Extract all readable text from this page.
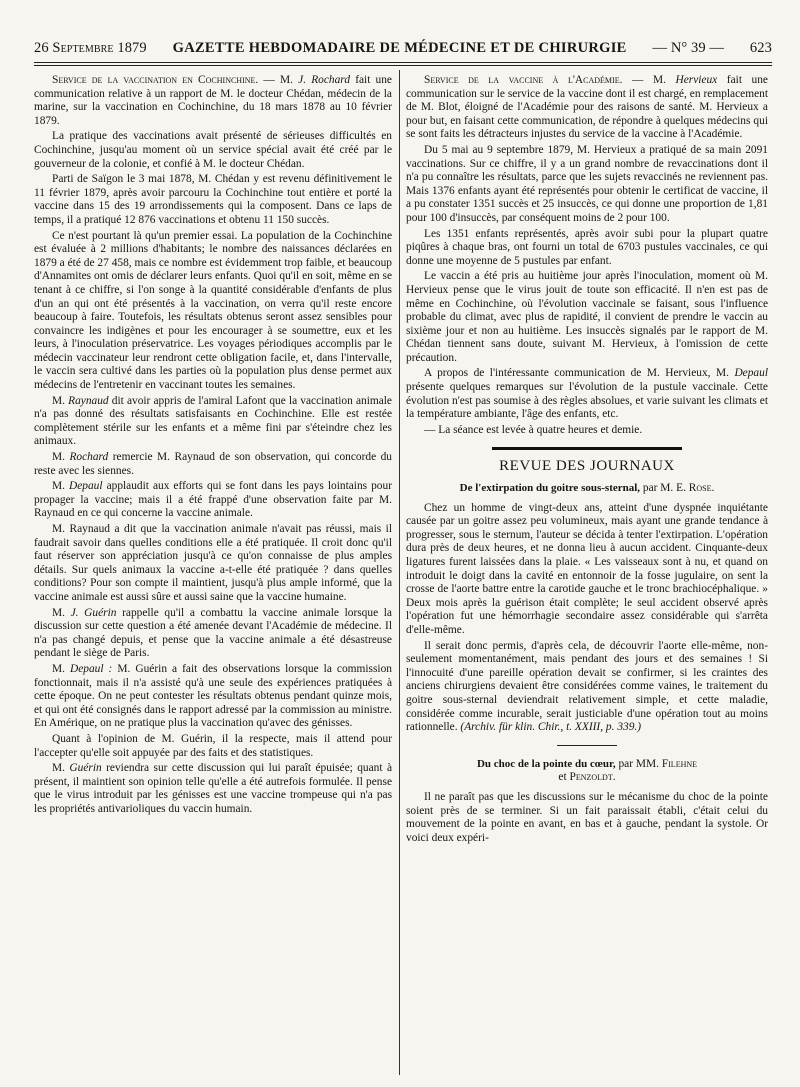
26 Septembre 1879 GAZETTE HEBDOMADAIRE DE MÉDECINE ET DE CHIRURGIE — N° 39 — 623

Service de la vaccination en Cochinchine. — M. J. Rochard fait une communication relative à un rapport de M. le docteur Chédan, médecin de la marine, sur la vaccination en Cochinchine, du 18 mars 1878 au 10 février 1879.

La pratique des vaccinations avait présenté de sérieuses difficultés en Cochinchine, jusqu'au moment où un service spécial avait été créé par le gouverneur de la colonie, et confié à M. le docteur Chédan.

Parti de Saïgon le 3 mai 1878, M. Chédan y est revenu définitivement le 11 février 1879, après avoir parcouru la Cochinchine tout entière et porté la vaccine dans 15 des 19 arrondissements qui la composent. Dans ce laps de temps, il a pratiqué 12 876 vaccinations et obtenu 11 150 succès.

Ce n'est pourtant là qu'un premier essai. La population de la Cochinchine est évaluée à 2 millions d'habitants; le nombre des naissances déclarées en 1879 a été de 27 458, mais ce nombre est évidemment trop faible, et beaucoup d'Annamites ont omis de déclarer leurs enfants. Quoi qu'il en soit, même en se tenant à ce chiffre, si l'on songe à la quantité considérable d'enfants de plus d'un an qui ont été présentés à la vaccination, on verra qu'il reste encore beaucoup à faire. Toutefois, les résultats obtenus seront assez sensibles pour convaincre les indigènes et pour les encourager à se soumettre, eux et les leurs, à l'inoculation préservatrice. Les voyages périodiques accomplis par le médecin vaccinateur leur rendront cette obligation facile, et, dans l'intervalle, le vaccin sera cultivé dans les parties où la population plus dense permet aux médecins de l'entretenir en vaccinant toutes les semaines.

M. Raynaud dit avoir appris de l'amiral Lafont que la vaccination animale n'a pas donné des résultats satisfaisants en Cochinchine. Elle est restée complètement stérile sur les enfants et a même fini par s'éteindre chez les animaux.

M. Rochard remercie M. Raynaud de son observation, qui concorde du reste avec les siennes.

M. Depaul applaudit aux efforts qui se font dans les pays lointains pour propager la vaccine; mais il a été frappé d'une observation faite par M. Raynaud en ce qui concerne la vaccine animale.

M. Raynaud a dit que la vaccination animale n'avait pas réussi, mais il faudrait savoir dans quelles conditions elle a été pratiquée. Il croit donc qu'il faut réserver son appréciation jusqu'à ce qu'on connaisse de plus amples détails. Sur quels animaux la vaccine a-t-elle été pratiquée ? dans quelles conditions? Pour son compte il maintient, jusqu'à plus ample informé, que la vaccine animale est aussi sûre et aussi saine que la vaccine humaine.

M. J. Guérin rappelle qu'il a combattu la vaccine animale lorsque la discussion sur cette question a été amenée devant l'Académie de médecine. Il n'a pas changé depuis, et pense que la vaccine animale a été désastreuse pendant le siège de Paris.

M. Depaul : M. Guérin a fait des observations lorsque la commission fonctionnait, mais il n'a assisté qu'à une seule des expériences pratiquées à cette époque. On ne peut contester les résultats obtenus pendant quinze mois, et qui ont été consignés dans le rapport adressé par la commission au ministre. En Amérique, on ne pratique plus la vaccination qu'avec des génisses.

Quant à l'opinion de M. Guérin, il la respecte, mais il attend pour l'accepter qu'elle soit appuyée par des faits et des statistiques.

M. Guérin reviendra sur cette discussion qui lui paraît épuisée; quant à présent, il maintient son opinion telle qu'elle a été autrefois formulée. Il pense que le virus introduit par les génisses est une vaccine trompeuse qui n'a pas les propriétés antivarioliques du vaccin humain.

Service de la vaccine à l'Académie. — M. Hervieux fait une communication sur le service de la vaccine dont il est chargé, en remplacement de M. Blot, éloigné de l'Académie pour des raisons de santé. M. Hervieux a pour but, en faisant cette communication, de répondre à quelques médecins qui se sont faits les détracteurs injustes du service de la vaccine à l'Académie.

Du 5 mai au 9 septembre 1879, M. Hervieux a pratiqué de sa main 2091 vaccinations. Sur ce chiffre, il y a un grand nombre de revaccinations dont il n'a pu connaître les résultats, parce que les sujets revaccinés ne reviennent pas. Mais 1376 enfants ayant été représentés pour obtenir le certificat de vaccine, il a pu constater 1351 succès et 25 insuccès, ce qui donne une proportion de 1,81 pour 100 d'insuccès, par conséquent moins de 2 pour 100.

Les 1351 enfants représentés, après avoir subi pour la plupart quatre piqûres à chaque bras, ont fourni un total de 6703 pustules vaccinales, ce qui donne une moyenne de 5 pustules par enfant.

Le vaccin a été pris au huitième jour après l'inoculation, moment où M. Hervieux pense que le virus jouit de toute son efficacité. Il n'en est pas de même en Cochinchine, où l'évolution vaccinale se faisant, sous l'influence probable du climat, avec plus de rapidité, il convient de prendre le vaccin au sixième jour et non au huitième. Les insuccès signalés par le rapport de M. Chédan tiennent sans doute, suivant M. Hervieux, à l'omission de cette précaution.

A propos de l'intéressante communication de M. Hervieux, M. Depaul présente quelques remarques sur l'évolution de la pustule vaccinale. Cette évolution n'est pas soumise à des règles absolues, et varie suivant les climats et la température ambiante, l'âge des enfants, etc.

— La séance est levée à quatre heures et demie.

REVUE DES JOURNAUX

De l'extirpation du goitre sous-sternal, par M. E. Rose.

Chez un homme de vingt-deux ans, atteint d'une dyspnée inquiétante causée par un goitre assez peu volumineux, mais ayant une grande tendance à progresser, sous le sternum, l'auteur se décida à tenter l'extirpation. L'opération dura près de deux heures, et ne donna lieu à aucun accident. Cinquante-deux ligatures furent laissées dans la plaie. « Les vaisseaux sont à nu, et quand on introduit le doigt dans la cavité en entonnoir de la fosse jugulaire, on sent la crosse de l'aorte battre entre la carotide gauche et le tronc brachiocéphalique. » Deux mois après la guérison était complète; le seul accident observé après l'opération fut une hémorrhagie secondaire assez considérable qui s'arrêta d'elle-même.

Il serait donc permis, d'après cela, de découvrir l'aorte elle-même, non-seulement momentanément, mais pendant des jours et des semaines ! Si l'innocuité d'une pareille opération devait se confirmer, si les craintes des anciens chirurgiens devaient être considérées comme vaines, le traitement du goitre sous-sternal deviendrait relativement simple, et cette maladie, considérée comme incurable, serait justiciable d'une opération tout au moins rationnelle. (Archiv. für klin. Chir., t. XXIII, p. 339.)

Du choc de la pointe du cœur, par MM. Filehne
et Penzoldt.

Il ne paraît pas que les discussions sur le mécanisme du choc de la pointe soient près de se terminer. Si un fait paraissait établi, c'était celui du mouvement de la pointe en avant, en bas et à gauche, pendant la systole. Or voici deux expéri-
